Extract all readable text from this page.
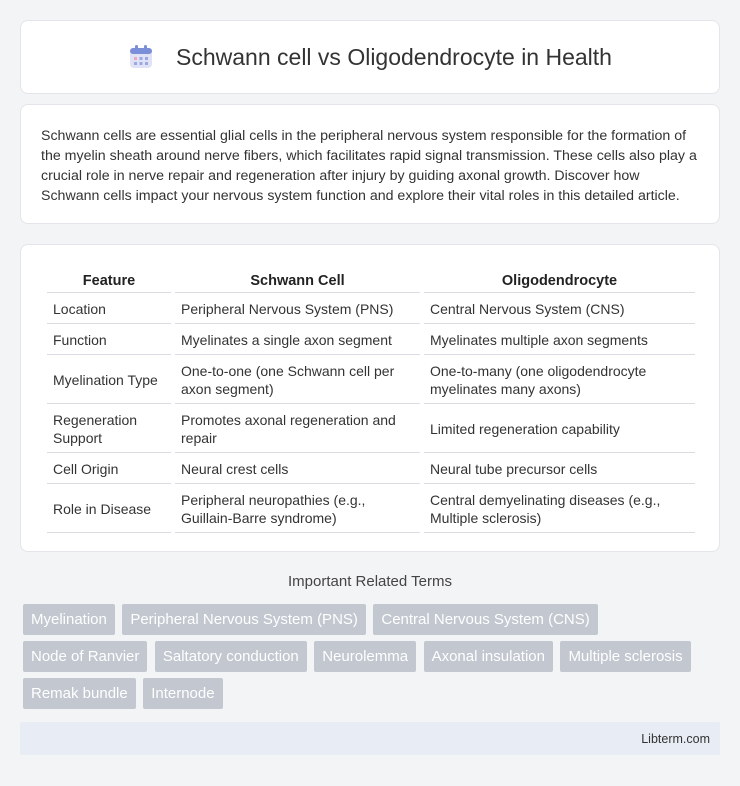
Schwann cell vs Oligodendrocyte in Health

Schwann cells are essential glial cells in the peripheral nervous system responsible for the formation of the myelin sheath around nerve fibers, which facilitates rapid signal transmission. These cells also play a crucial role in nerve repair and regeneration after injury by guiding axonal growth. Discover how Schwann cells impact your nervous system function and explore their vital roles in this detailed article.

Feature	Schwann Cell	Oligodendrocyte
Location	Peripheral Nervous System (PNS)	Central Nervous System (CNS)
Function	Myelinates a single axon segment	Myelinates multiple axon segments
Myelination Type	One-to-one (one Schwann cell per axon segment)	One-to-many (one oligodendrocyte myelinates many axons)
Regeneration Support	Promotes axonal regeneration and repair	Limited regeneration capability
Cell Origin	Neural crest cells	Neural tube precursor cells
Role in Disease	Peripheral neuropathies (e.g., Guillain-Barre syndrome)	Central demyelinating diseases (e.g., Multiple sclerosis)
Important Related Terms
Myelination Peripheral Nervous System (PNS) Central Nervous System (CNS) Node of Ranvier Saltatory conduction Neurolemma Axonal insulation Multiple sclerosis Remak bundle Internode
Libterm.com
